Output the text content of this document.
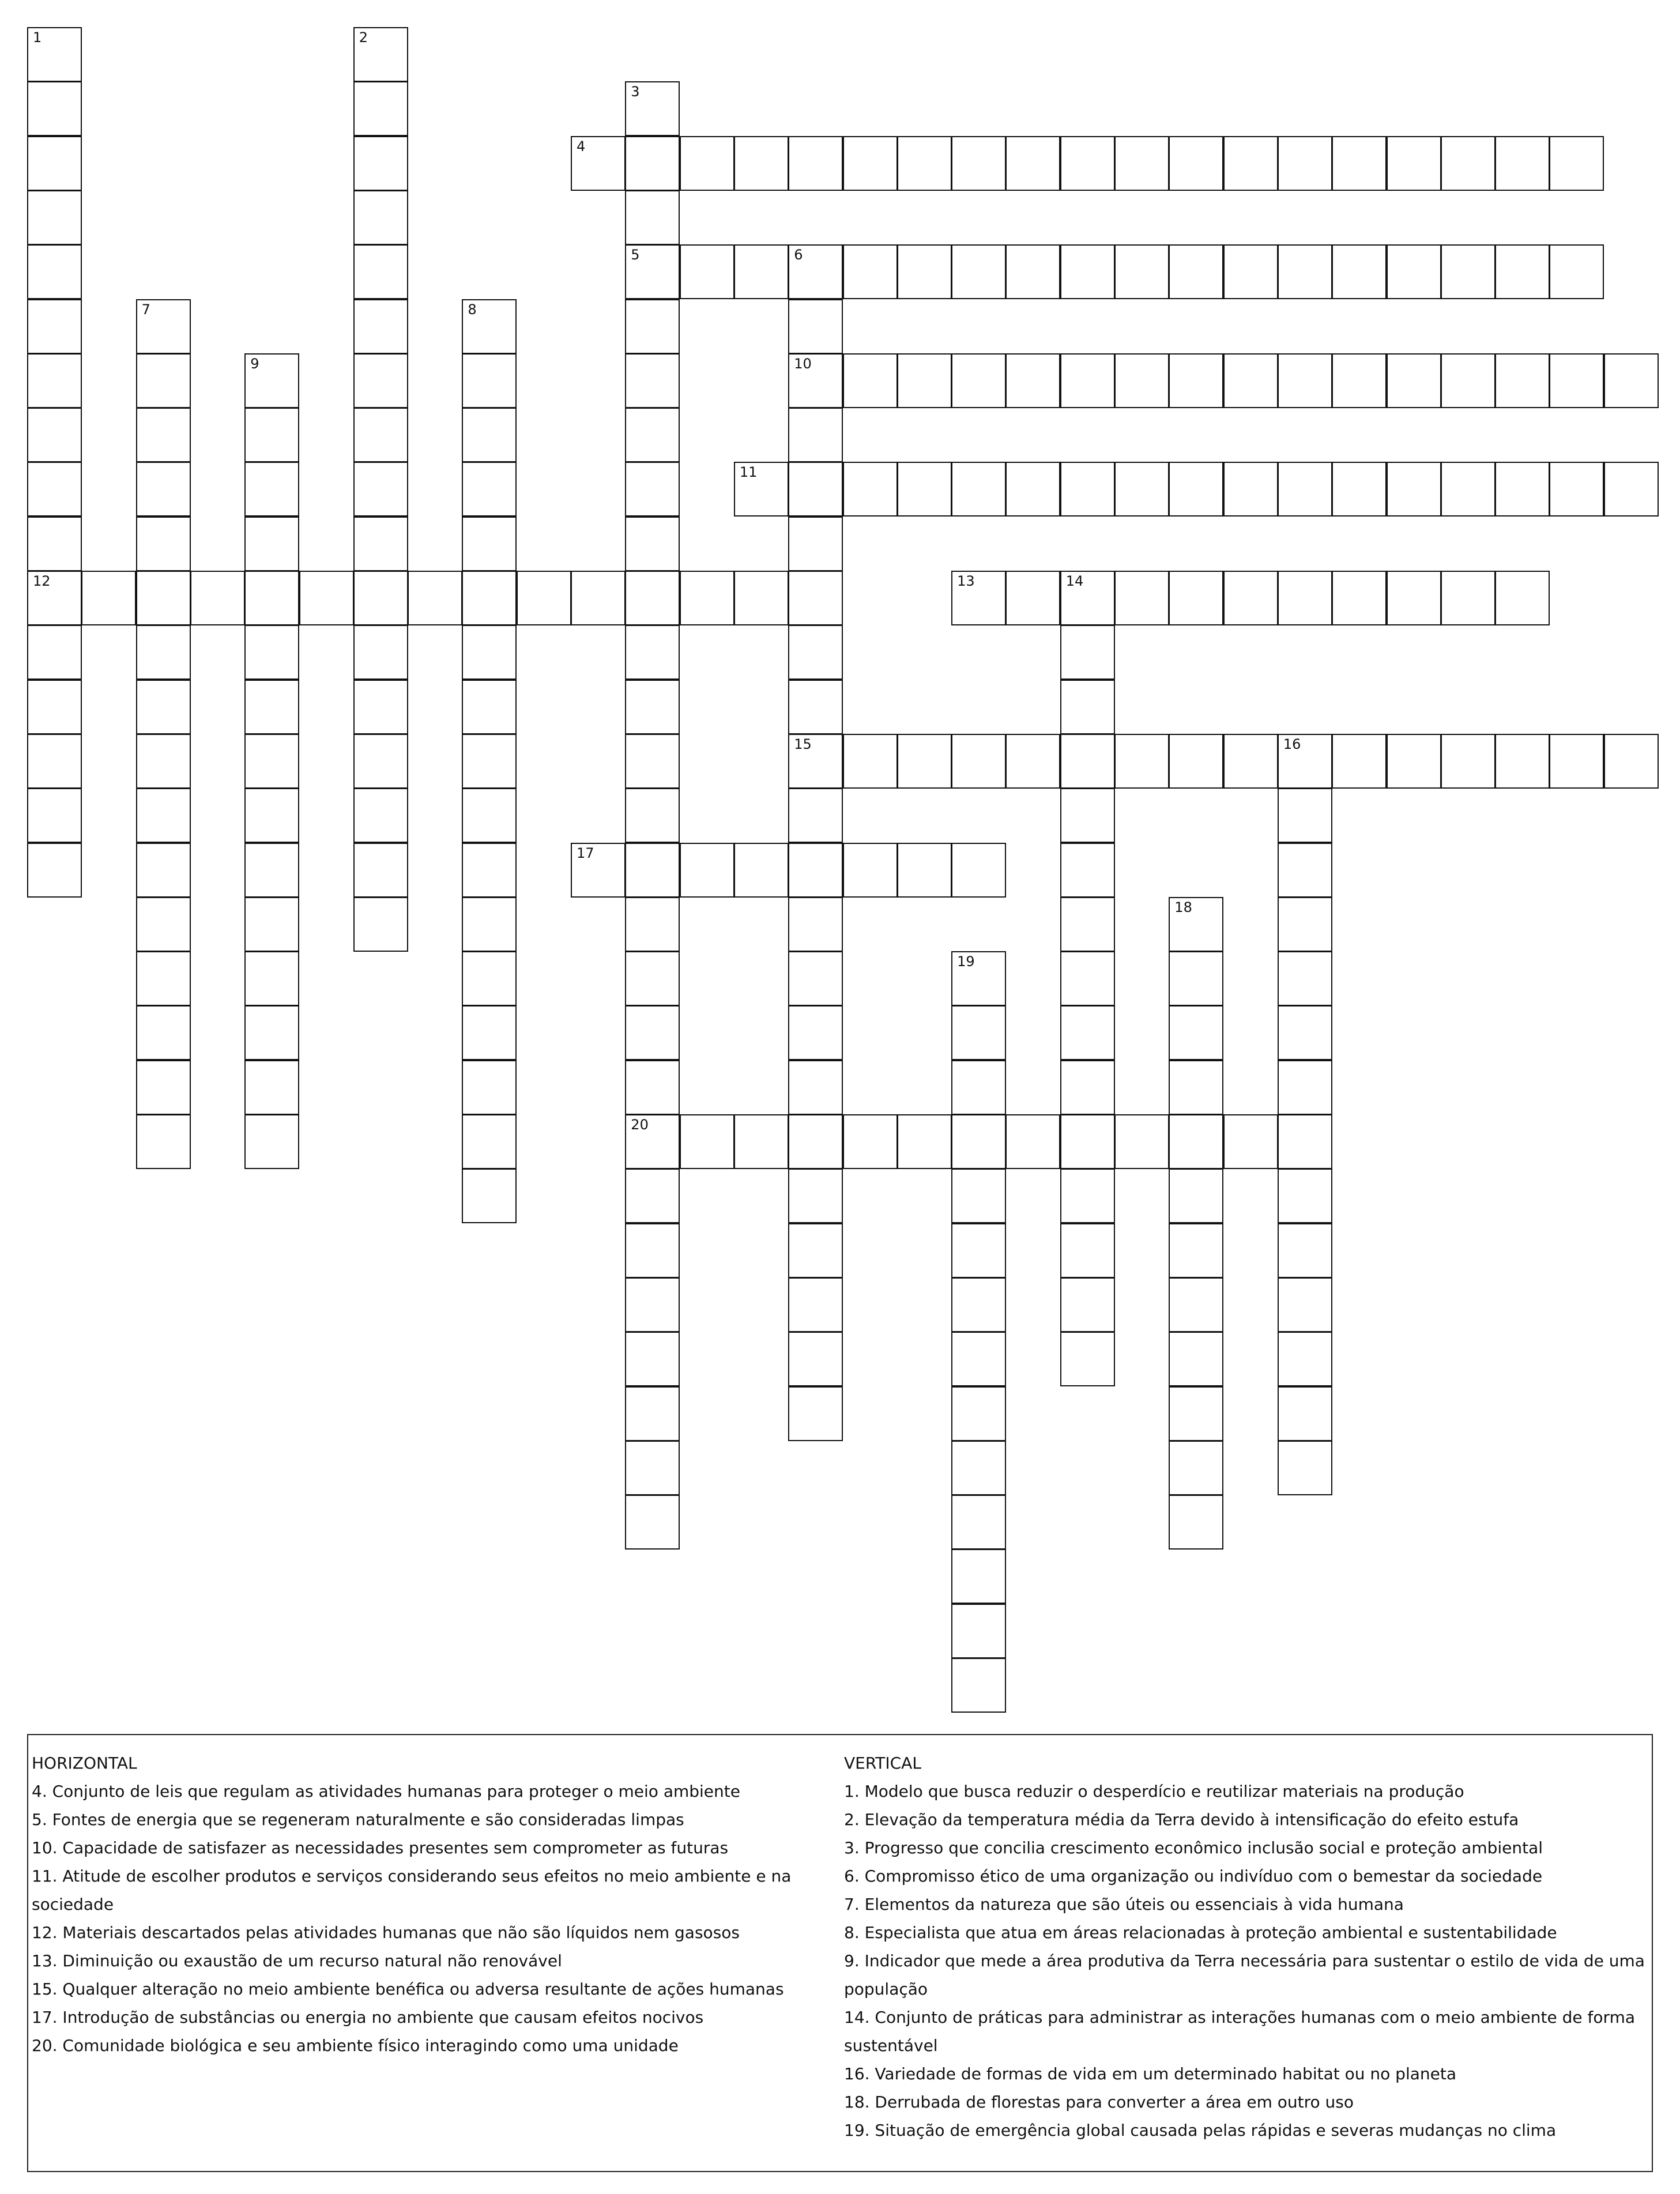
1
12
2
3
5
20
4
6
10
15
7	8
9
11
13	14
16
17
18
19
HORIZONTAL
4. Conjunto de leis que regulam as atividades humanas para proteger o meio ambiente
5. Fontes de energia que se regeneram naturalmente e são consideradas limpas
10. Capacidade de satisfazer as necessidades presentes sem comprometer as futuras
11. Atitude de escolher produtos e serviços considerando seus efeitos no meio ambiente e na sociedade
12. Materiais descartados pelas atividades humanas que não são líquidos nem gasosos
13. Diminuição ou exaustão de um recurso natural não renovável
15. Qualquer alteração no meio ambiente benéfica ou adversa resultante de ações humanas
17. Introdução de substâncias ou energia no ambiente que causam efeitos nocivos
20. Comunidade biológica e seu ambiente físico interagindo como uma unidade
VERTICAL
1. Modelo que busca reduzir o desperdício e reutilizar materiais na produção
2. Elevação da temperatura média da Terra devido à intensificação do efeito estufa
3. Progresso que concilia crescimento econômico inclusão social e proteção ambiental
6. Compromisso ético de uma organização ou indivíduo com o bemestar da sociedade
7. Elementos da natureza que são úteis ou essenciais à vida humana
8. Especialista que atua em áreas relacionadas à proteção ambiental e sustentabilidade
9. Indicador que mede a área produtiva da Terra necessária para sustentar o estilo de vida de uma população
14. Conjunto de práticas para administrar as interações humanas com o meio ambiente de forma sustentável
16. Variedade de formas de vida em um determinado habitat ou no planeta
18. Derrubada de florestas para converter a área em outro uso
19. Situação de emergência global causada pelas rápidas e severas mudanças no clima
